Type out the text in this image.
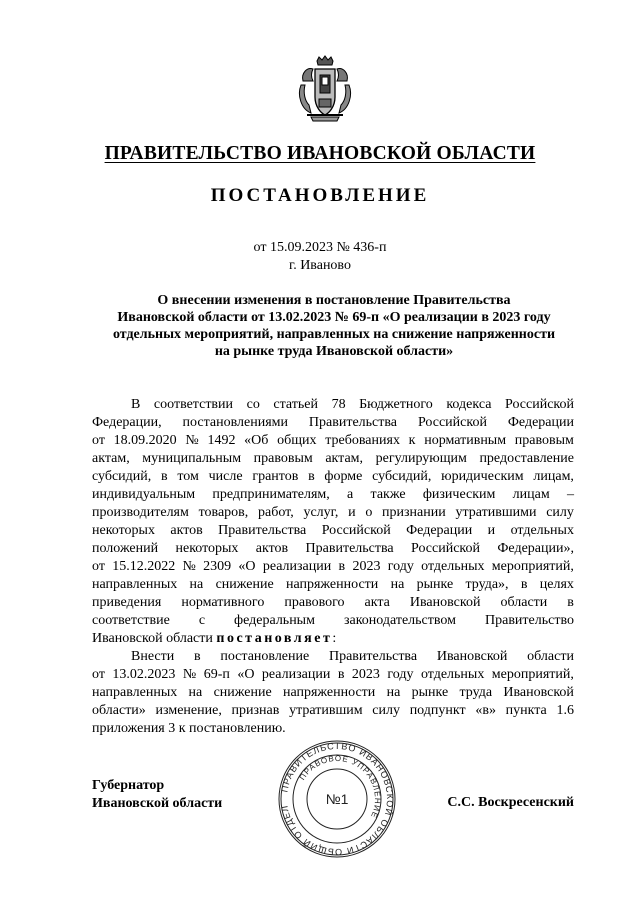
ПРАВИТЕЛЬСТВО ИВАНОВСКОЙ ОБЛАСТИ
ПОСТАНОВЛЕНИЕ
от 15.09.2023 № 436-п
г. Иваново
О внесении изменения в постановление Правительства
Ивановской области от 13.02.2023 № 69-п «О реализации в 2023 году
отдельных мероприятий, направленных на снижение напряженности
на рынке труда Ивановской области»
В соответствии со статьей 78 Бюджетного кодекса Российской
Федерации, постановлениями Правительства Российской Федерации
от 18.09.2020 № 1492 «Об общих требованиях к нормативным правовым
актам, муниципальным правовым актам, регулирующим предоставление
субсидий, в том числе грантов в форме субсидий, юридическим лицам,
индивидуальным предпринимателям, а также физическим лицам –
производителям товаров, работ, услуг, и о признании утратившими силу
некоторых актов Правительства Российской Федерации и отдельных
положений некоторых актов Правительства Российской Федерации»,
от 15.12.2022 № 2309 «О реализации в 2023 году отдельных мероприятий,
направленных на снижение напряженности на рынке труда», в целях
приведения нормативного правового акта Ивановской области в
соответствие с федеральным законодательством Правительство
Ивановской области
постановляет :
Внести в постановление Правительства Ивановской области
от 13.02.2023 № 69-п «О реализации в 2023 году отдельных мероприятий,
направленных на снижение напряженности на рынке труда Ивановской
области» изменение, признав утратившим силу подпункт «в» пункта 1.6
приложения 3 к постановлению.
Губернатор
Ивановской области	С.С. Воскресенский
ПРАВИТЕЛЬСТВО ИВАНОВСКОЙ ОБЛАСТИ ОБЩИЙ ОТДЕЛ
ПРАВОВОЕ УПРАВЛЕНИЕ
№1
